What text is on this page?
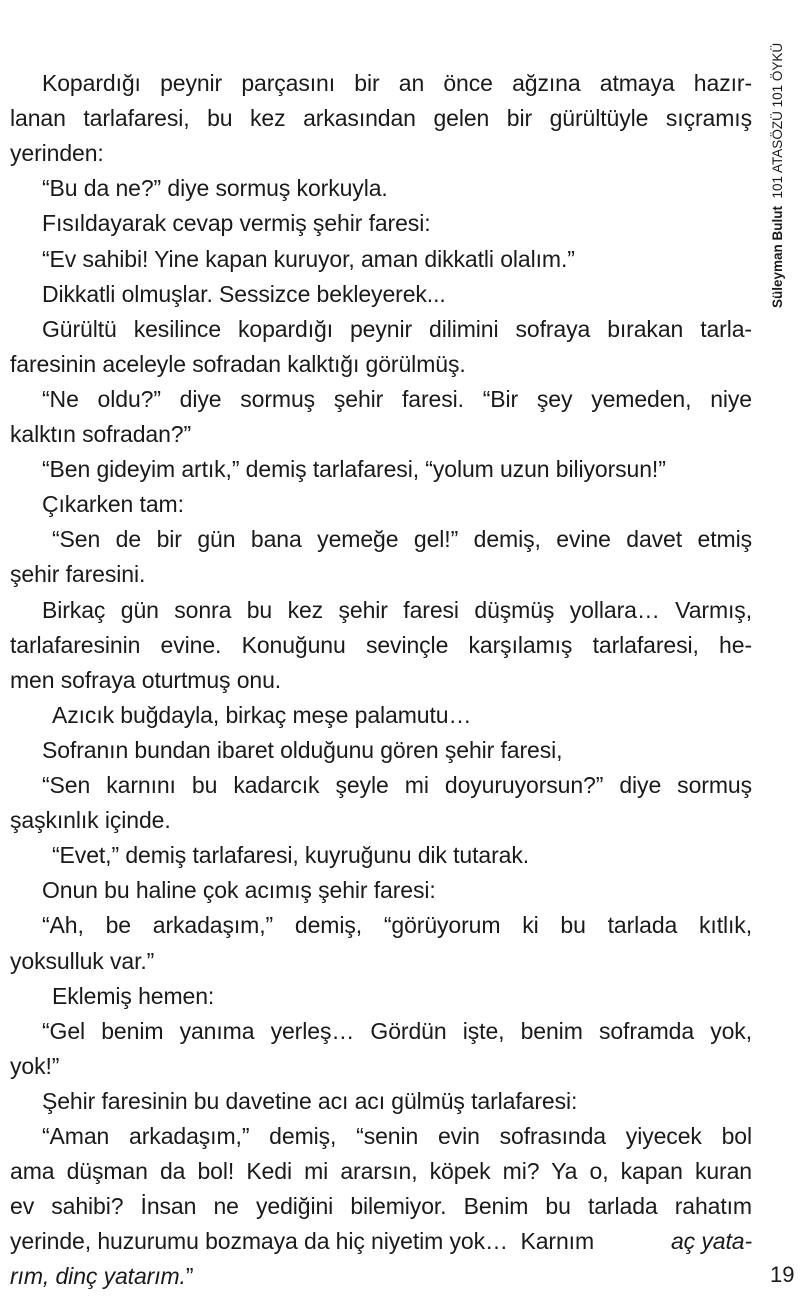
Süleyman Bulut  101 ATASÖZÜ 101 ÖYKÜ
Kopardığı peynir parçasını bir an önce ağzına atmaya hazır-
lanan tarlafaresi, bu kez arkasından gelen bir gürültüyle sıçramış
yerinden:
“Bu da ne?” diye sormuş korkuyla.
Fısıldayarak cevap vermiş şehir faresi:
“Ev sahibi! Yine kapan kuruyor, aman dikkatli olalım.”
Dikkatli olmuşlar. Sessizce bekleyerek...
Gürültü kesilince kopardığı peynir dilimini sofraya bırakan tarla-
faresinin aceleyle sofradan kalktığı görülmüş.
“Ne oldu?” diye sormuş şehir faresi. “Bir şey yemeden, niye
kalktın sofradan?”
“Ben gideyim artık,” demiş tarlafaresi, “yolum uzun biliyorsun!”
Çıkarken tam:
“Sen de bir gün bana yemeğe gel!” demiş, evine davet etmiş
şehir faresini.
Birkaç gün sonra bu kez şehir faresi düşmüş yollara… Varmış,
tarlafaresinin evine. Konuğunu sevinçle karşılamış tarlafaresi, he-
men sofraya oturtmuş onu.
Azıcık buğdayla, birkaç meşe palamutu…
Sofranın bundan ibaret olduğunu gören şehir faresi,
“Sen karnını bu kadarcık şeyle mi doyuruyorsun?” diye sormuş
şaşkınlık içinde.
“Evet,” demiş tarlafaresi, kuyruğunu dik tutarak.
Onun bu haline çok acımış şehir faresi:
“Ah, be arkadaşım,” demiş, “görüyorum ki bu tarlada kıtlık,
yoksulluk var.”
Eklemiş hemen:
“Gel benim yanıma yerleş… Gördün işte, benim soframda yok,
yok!”
Şehir faresinin bu davetine acı acı gülmüş tarlafaresi:
“Aman arkadaşım,” demiş, “senin evin sofrasında yiyecek bol
ama düşman da bol! Kedi mi ararsın, köpek mi? Ya o, kapan kuran
ev sahibi? İnsan ne yediğini bilemiyor. Benim bu tarlada rahatım
yerinde, huzurumu bozmaya da hiç niyetim yok…  Karnım	aç yata-
rım, dinç yatarım.”	19
